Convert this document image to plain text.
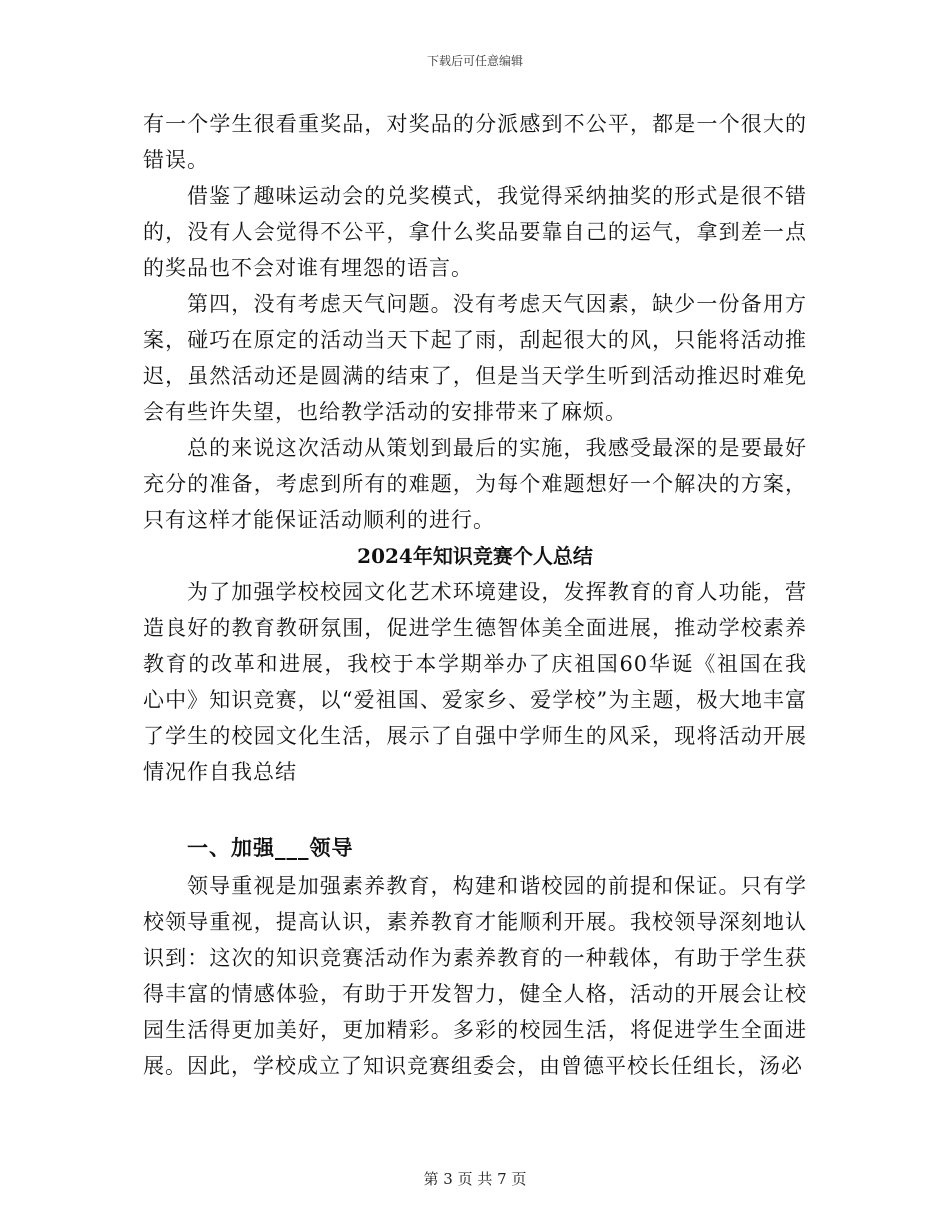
下载后可任意编辑

有一个学生很看重奖品，对奖品的分派感到不公平，都是一个很大的错误。

借鉴了趣味运动会的兑奖模式，我觉得采纳抽奖的形式是很不错的，没有人会觉得不公平，拿什么奖品要靠自己的运气，拿到差一点的奖品也不会对谁有埋怨的语言。

第四，没有考虑天气问题。没有考虑天气因素，缺少一份备用方案，碰巧在原定的活动当天下起了雨，刮起很大的风，只能将活动推迟，虽然活动还是圆满的结束了，但是当天学生听到活动推迟时难免会有些许失望，也给教学活动的安排带来了麻烦。

总的来说这次活动从策划到最后的实施，我感受最深的是要最好充分的准备，考虑到所有的难题，为每个难题想好一个解决的方案，只有这样才能保证活动顺利的进行。

2024年知识竞赛个人总结

为了加强学校校园文化艺术环境建设，发挥教育的育人功能，营造良好的教育教研氛围，促进学生德智体美全面进展，推动学校素养教育的改革和进展，我校于本学期举办了庆祖国60华诞《祖国在我心中》知识竞赛，以“爱祖国、爱家乡、爱学校”为主题，极大地丰富了学生的校园文化生活，展示了自强中学师生的风采，现将活动开展情况作自我总结

一、加强___领导

领导重视是加强素养教育，构建和谐校园的前提和保证。只有学校领导重视，提高认识，素养教育才能顺利开展。我校领导深刻地认识到：这次的知识竞赛活动作为素养教育的一种载体，有助于学生获得丰富的情感体验，有助于开发智力，健全人格，活动的开展会让校园生活得更加美好，更加精彩。多彩的校园生活，将促进学生全面进展。因此，学校成立了知识竞赛组委会，由曾德平校长任组长，汤必

第 3 页 共 7 页
